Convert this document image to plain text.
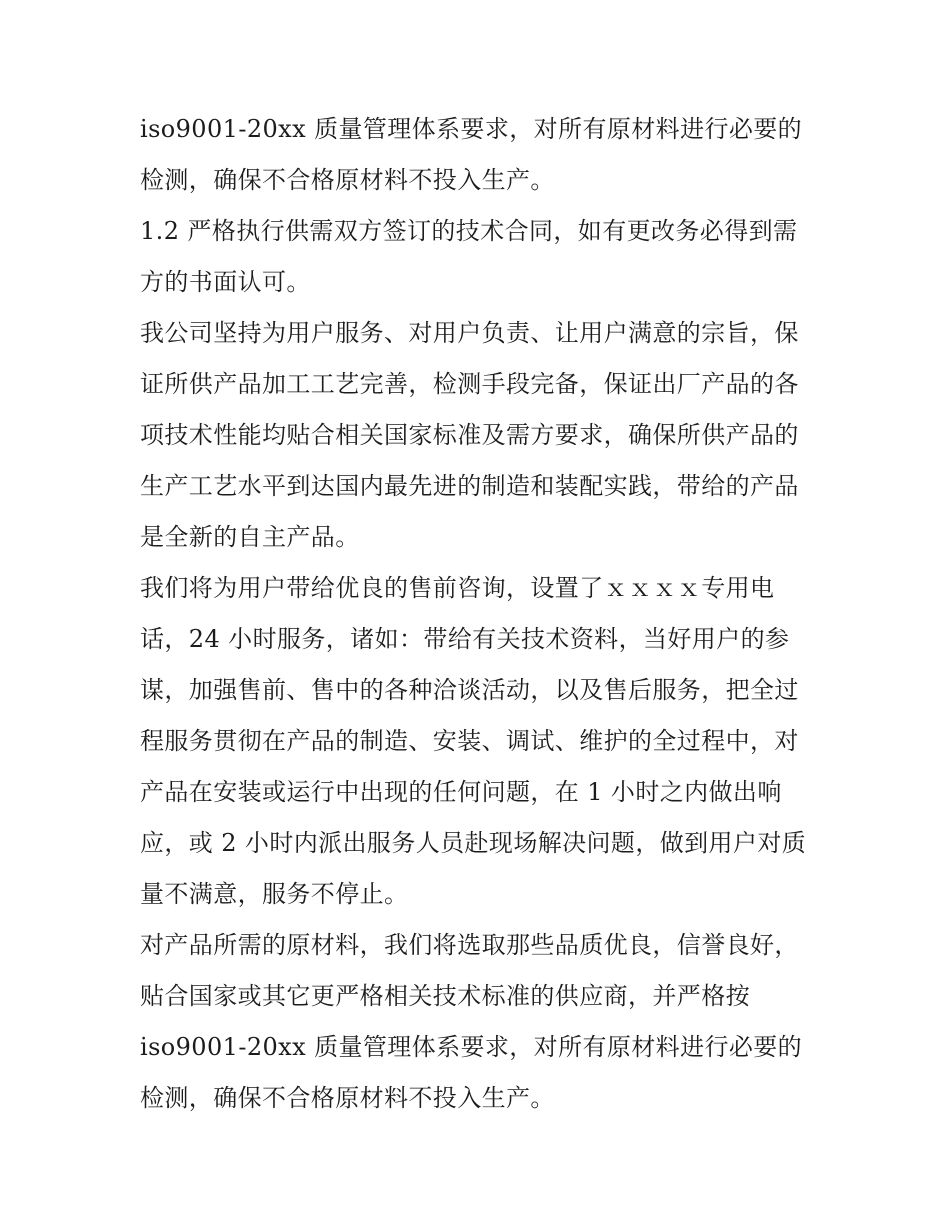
iso9001-20xx 质量管理体系要求，对所有原材料进行必要的检测，确保不合格原材料不投入生产。

1.2 严格执行供需双方签订的技术合同，如有更改务必得到需方的书面认可。

我公司坚持为用户服务、对用户负责、让用户满意的宗旨，保证所供产品加工工艺完善，检测手段完备，保证出厂产品的各项技术性能均贴合相关国家标准及需方要求，确保所供产品的生产工艺水平到达国内最先进的制造和装配实践，带给的产品是全新的自主产品。

我们将为用户带给优良的售前咨询，设置了ｘｘｘｘ专用电话，24 小时服务，诸如：带给有关技术资料，当好用户的参谋，加强售前、售中的各种洽谈活动，以及售后服务，把全过程服务贯彻在产品的制造、安装、调试、维护的全过程中，对产品在安装或运行中出现的任何问题，在 1 小时之内做出响应，或 2 小时内派出服务人员赴现场解决问题，做到用户对质量不满意，服务不停止。

对产品所需的原材料，我们将选取那些品质优良，信誉良好，贴合国家或其它更严格相关技术标准的供应商，并严格按 iso9001-20xx 质量管理体系要求，对所有原材料进行必要的检测，确保不合格原材料不投入生产。
